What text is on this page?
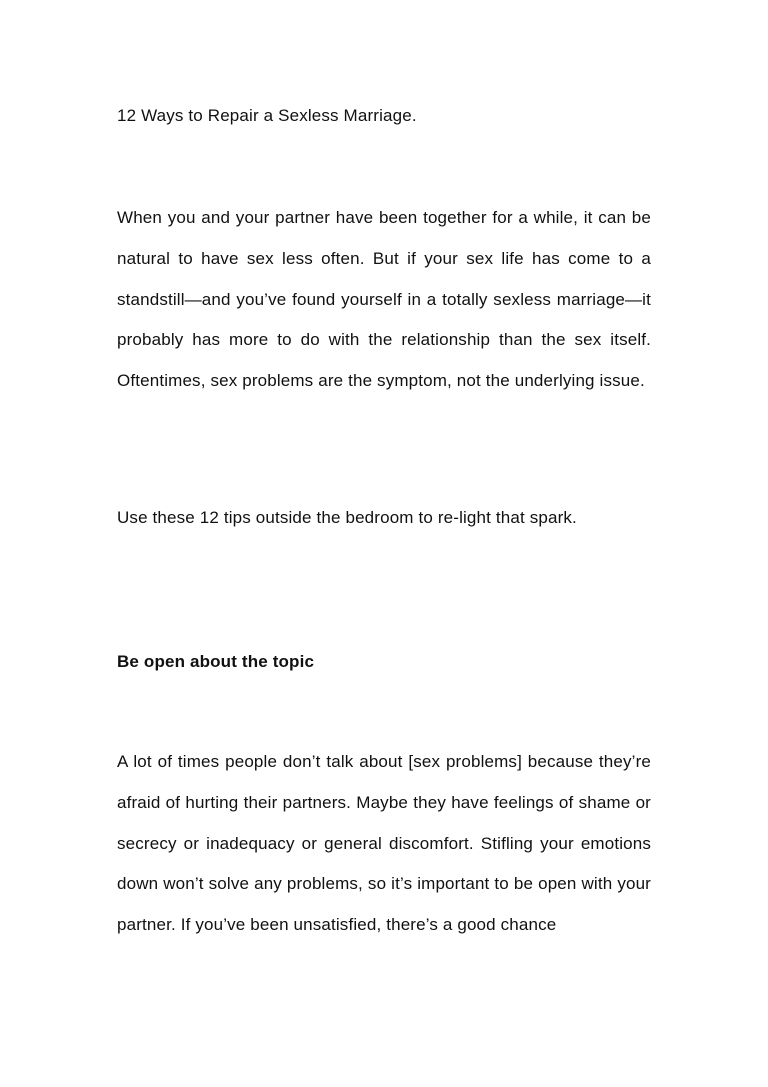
12 Ways to Repair a Sexless Marriage.

When you and your partner have been together for a while, it can be natural to have sex less often. But if your sex life has come to a standstill—and you’ve found yourself in a totally sexless marriage—it probably has more to do with the relationship than the sex itself. Oftentimes, sex problems are the symptom, not the underlying issue.

Use these 12 tips outside the bedroom to re-light that spark.

Be open about the topic

A lot of times people don’t talk about [sex problems] because they’re afraid of hurting their partners. Maybe they have feelings of shame or secrecy or inadequacy or general discomfort. Stifling your emotions down won’t solve any problems, so it’s important to be open with your partner. If you’ve been unsatisfied, there’s a good chance
